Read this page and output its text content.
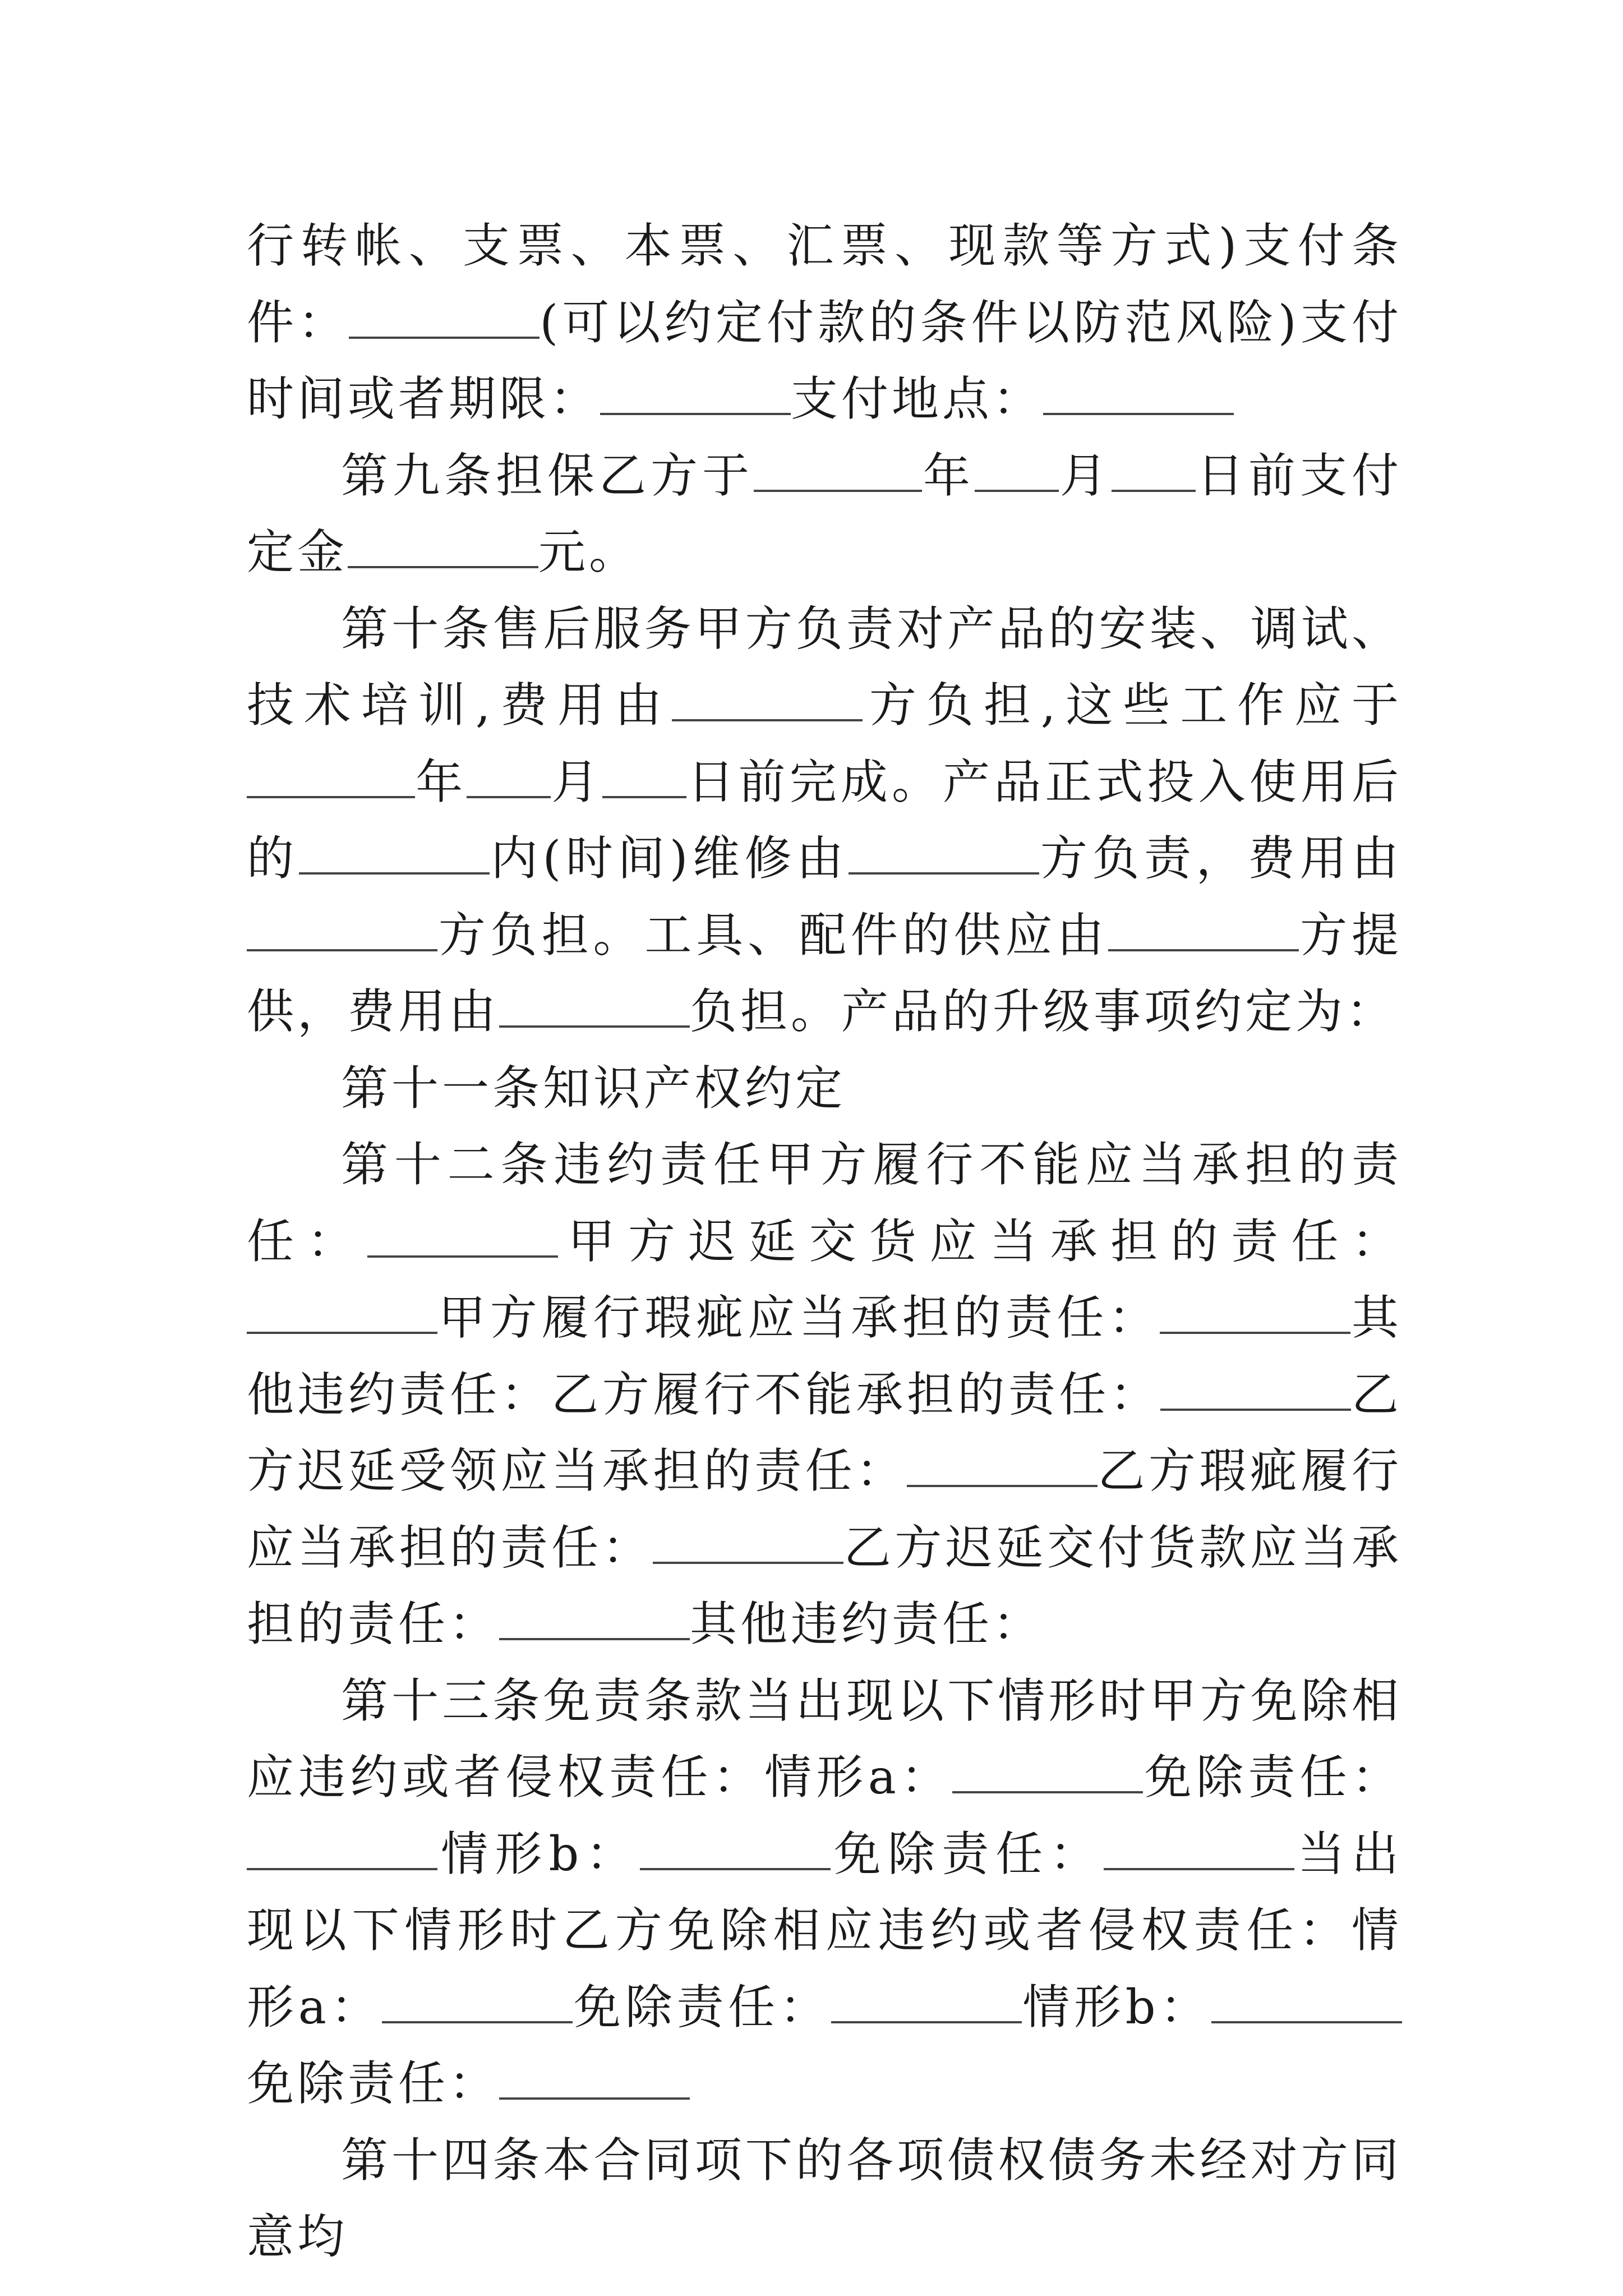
行转帐、支票、本票、汇票、现款等方式)支付条件：	(可以约定付款的条件以防范风险)支付时间或者期限：	支付地点：

第九条担保乙方于	年 月 日前支付定金	元。

第十条售后服务甲方负责对产品的安装、调试、技术培训,费用由	方负担,这些工作应于年 月 日前完成。产品正式投入使用后的	内(时间)维修由	方负责，费用由方负担。工具、配件的供应由	方提供，费用由	负担。产品的升级事项约定为：

第十一条知识产权约定

第十二条违约责任甲方履行不能应当承担的责任：	甲方迟延交货应当承担的责任：甲方履行瑕疵应当承担的责任：	其他违约责任：乙方履行不能承担的责任：	乙方迟延受领应当承担的责任：	乙方瑕疵履行应当承担的责任：	乙方迟延交付货款应当承担的责任：	其他违约责任：

第十三条免责条款当出现以下情形时甲方免除相应违约或者侵权责任：情形a：	免除责任：情形b：	免除责任：	当出现以下情形时乙方免除相应违约或者侵权责任：情形a：	免除责任：	情形b：免除责任：

第十四条本合同项下的各项债权债务未经对方同意均
